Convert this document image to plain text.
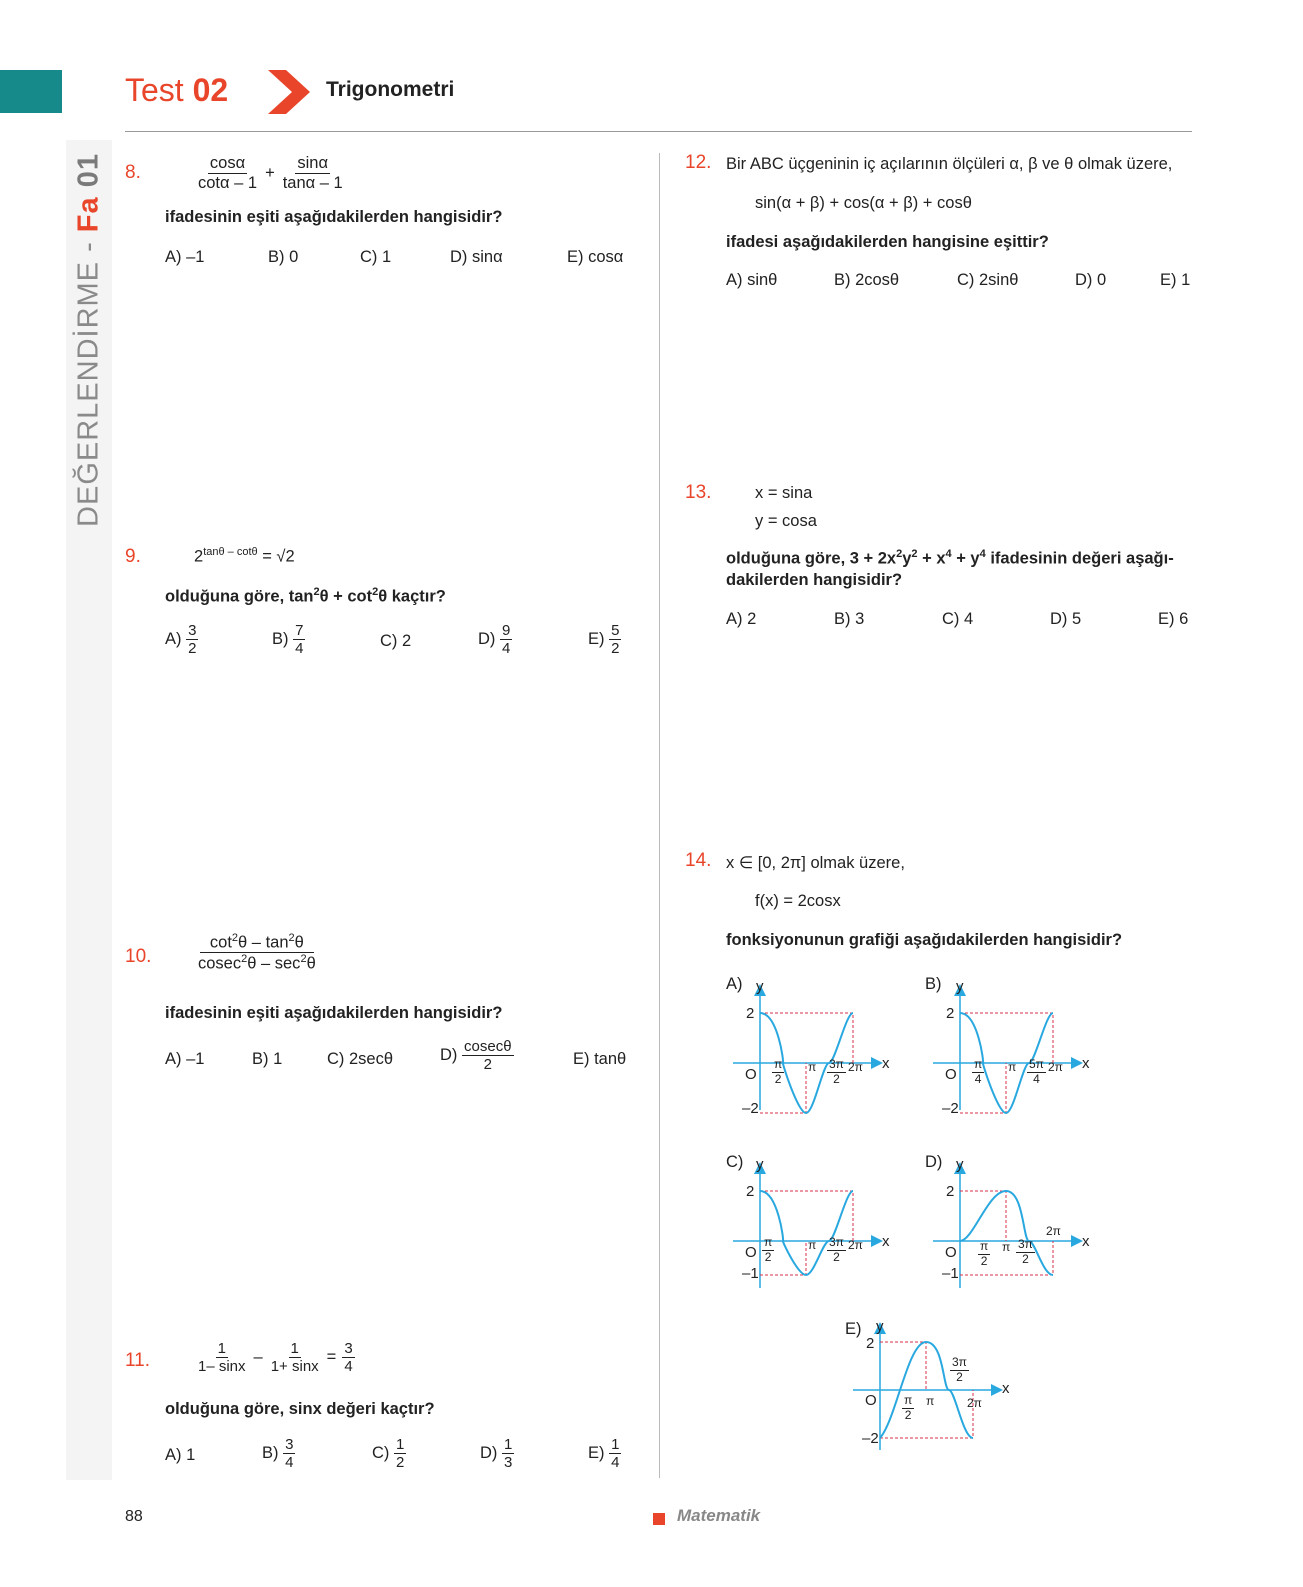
DEĞERLENDİRME - Fa 01
Test 02	Trigonometri
8.	$\frac{\cos\alpha}{\cot\alpha - 1} + \frac{\sin\alpha}{\tan\alpha - 1}$
ifadesinin eşiti aşağıdakilerden hangisidir?
A) –1	B) 0	C) 1	D) sinα	E) cosα
9.	$2^{tan\theta - cot\theta} = √2$
olduğuna göre, $\tan^2\theta + \cot^2\theta$ kaçtır?
$A) \frac{3}{2}$	$B) \frac{7}{4}$	C) 2	$D) \frac{9}{4}$	$E) \frac{5}{2}$
10.	$\frac{\cot^2\theta - \tan^2\theta}{cosec^2\theta - \sec^2\theta}$
ifadesinin eşiti aşağıdakilerden hangisidir?
A) –1	B) 1	C) 2secθ	$D) \frac{cosec\theta}{2}$	E) tanθ
11.	$\frac{1}{1- \sin x} - \frac{1}{1+ \sin x} = \frac{3}{4}$
olduğuna göre, sinx değeri kaçtır?
A) 1	$B) \frac{3}{4}$	$C) \frac{1}{2}$	$D) \frac{1}{3}$	$E) \frac{1}{4}$
12. Bir ABC üçgeninin iç açılarının ölçüleri α, β ve θ olmak üzere,
sin(α + β) + cos(α + β) + cosθ
ifadesi aşağıdakilerden hangisine eşittir?
A) sinθ	B) 2cosθ	C) 2sinθ	D) 0	E) 1
13.	x = sina
y = cosa
olduğuna göre, $3 + 2x^2y^2 + x^4 + y^4$ ifadesinin değeri aşağı-
dakilerden hangisidir?
A) 2	B) 3	C) 4	D) 5	E) 6
14. x ∈ [0, 2π] olmak üzere,
f(x) = 2cosx
fonksiyonunun grafiği aşağıdakilerden hangisidir?
A)	B)
C)	D)
E)
y
x
2
O
–2
$\frac{\pi}{2}$ π $\frac{3\pi}{2} 2\pi$
y
x
2
O
–2
$\frac{\pi}{4}$ π $\frac{5\pi}{4} 2\pi$
y
x
2
O
–1
$\frac{\pi}{2}$	π $\frac{3\pi}{2} 2\pi$
y
x
2
O
–1
$\frac{\pi}{2}$ π $\frac{3\pi}{2}$
2π
y
x
2
O
–2
$\frac{\pi}{2}$ π
$\frac{3\pi}{2}$
2π
88	Matematik
